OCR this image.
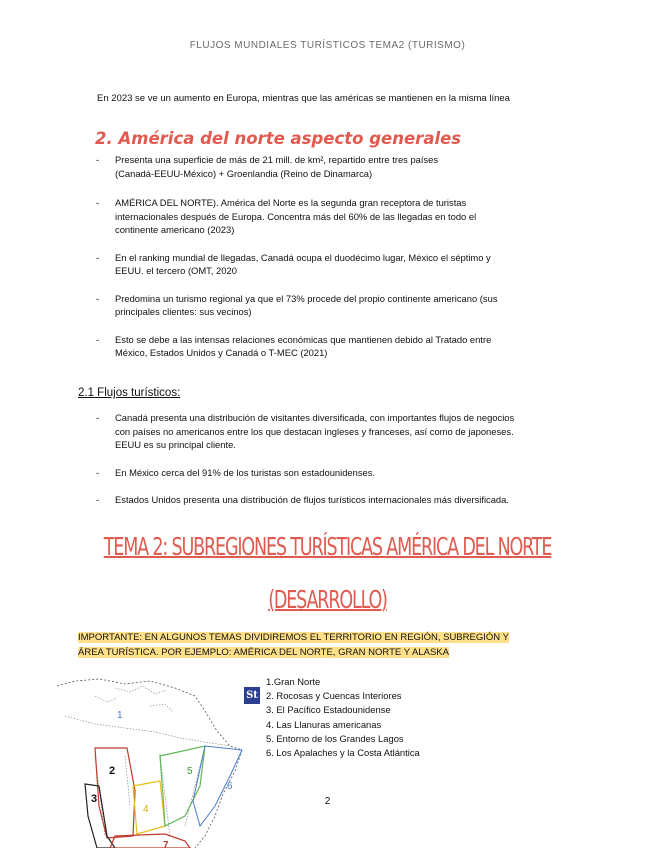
FLUJOS MUNDIALES TURÍSTICOS TEMA2 (TURISMO)
En 2023 se ve un aumento en Europa, mientras que las américas se mantienen en la misma línea
2. América del norte aspecto generales
- Presenta una superficie de más de 21 mill. de km², repartido entre tres países
(Canadá-EEUU-México) + Groenlandia (Reino de Dinamarca)
- AMÉRICA DEL NORTE). América del Norte es la segunda gran receptora de turistas
internacionales después de Europa. Concentra más del 60% de las llegadas en todo el
continente americano (2023)
- En el ranking mundial de llegadas, Canadá ocupa el duodécimo lugar, México el séptimo y
EEUU. el tercero (OMT, 2020
- Predomina un turismo regional ya que el 73% procede del propio continente americano (sus
principales clientes: sus vecinos)
- Esto se debe a las intensas relaciones económicas que mantienen debido al Tratado entre
México, Estados Unidos y Canadá o T-MEC (2021)
2.1 Flujos turísticos:
- Canadá presenta una distribución de visitantes diversificada, con importantes flujos de negocios
con países no americanos entre los que destacan ingleses y franceses, así como de japoneses.
EEUU es su principal cliente.
- En México cerca del 91% de los turistas son estadounidenses.
- Estados Unidos presenta una distribución de flujos turísticos internacionales más diversificada.
TEMA 2: SUBREGIONES TURÍSTICAS AMÉRICA DEL NORTE
(DESARROLLO)
IMPORTANTE: EN ALGUNOS TEMAS DIVIDIREMOS EL TERRITORIO EN REGIÓN, SUBREGIÓN Y
ÁREA TURÍSTICA. POR EJEMPLO: AMÉRICA DEL NORTE, GRAN NORTE Y ALASKA
1
2
3
4
5
6
7
St
1.Gran Norte
2. Rocosas y Cuencas Interiores
3. El Pacífico Estadounidense
4. Las Llanuras americanas
5. Entorno de los Grandes Lagos
6. Los Apalaches y la Costa Atlántica
2
